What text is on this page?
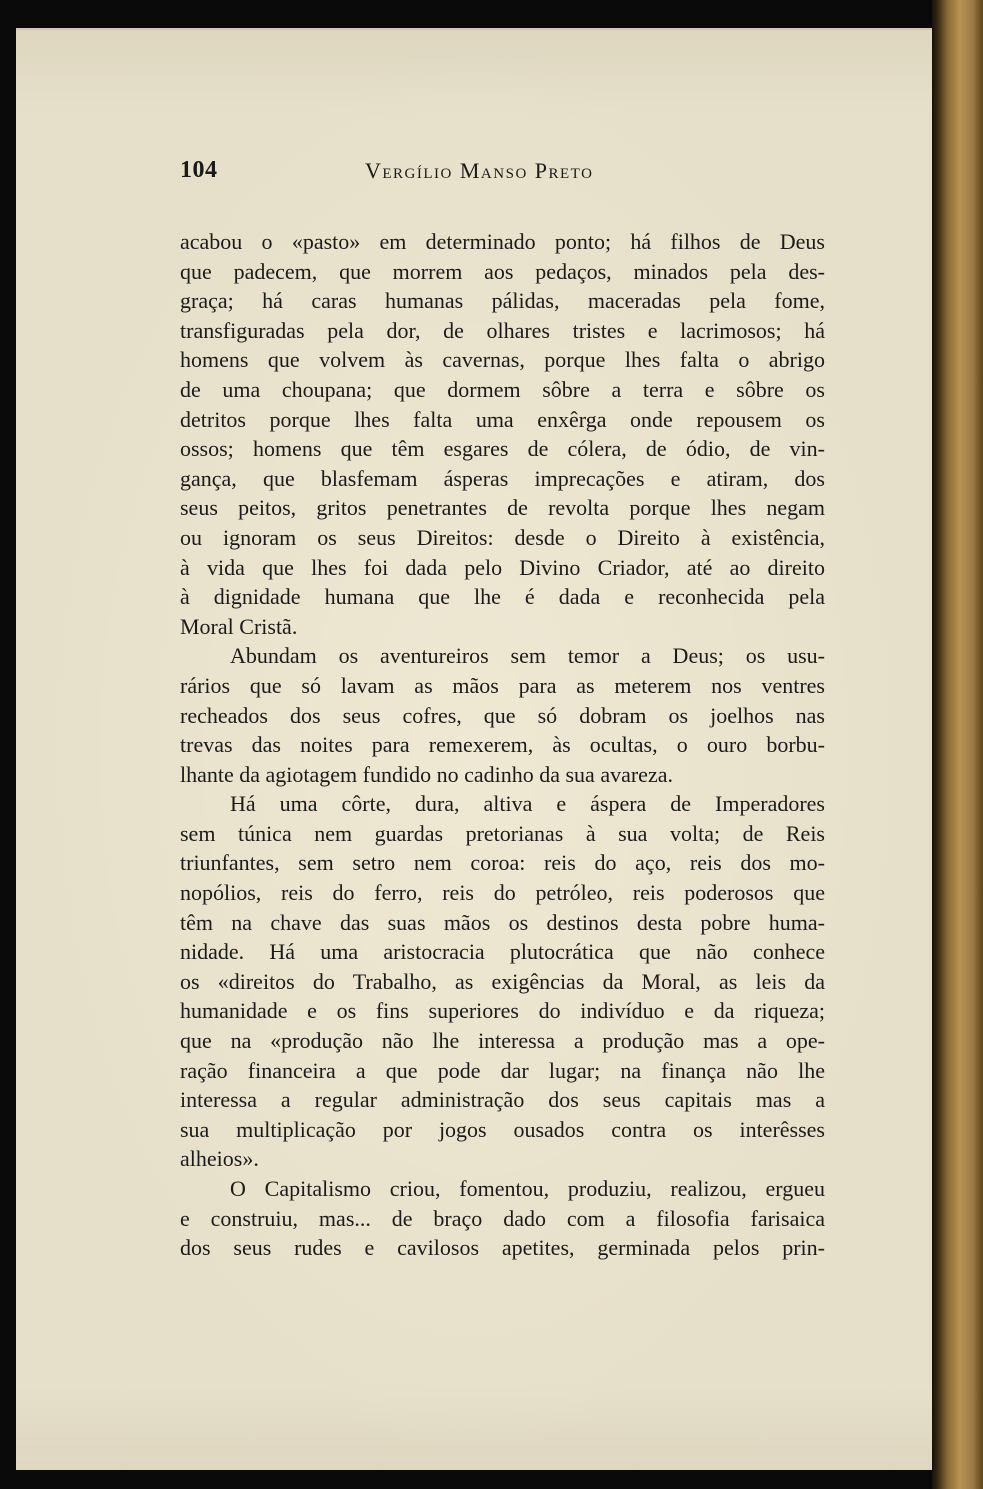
104	Vergílio Manso Preto
acabou o «pasto» em determinado ponto; há filhos de Deus
que padecem, que morrem aos pedaços, minados pela des-
graça; há caras humanas pálidas, maceradas pela fome,
transfiguradas pela dor, de olhares tristes e lacrimosos; há
homens que volvem às cavernas, porque lhes falta o abrigo
de uma choupana; que dormem sôbre a terra e sôbre os
detritos porque lhes falta uma enxêrga onde repousem os
ossos; homens que têm esgares de cólera, de ódio, de vin-
gança, que blasfemam ásperas imprecações e atiram, dos
seus peitos, gritos penetrantes de revolta porque lhes negam
ou ignoram os seus Direitos: desde o Direito à existência,
à vida que lhes foi dada pelo Divino Criador, até ao direito
à dignidade humana que lhe é dada e reconhecida pela
Moral Cristã.
Abundam os aventureiros sem temor a Deus; os usu-
rários que só lavam as mãos para as meterem nos ventres
recheados dos seus cofres, que só dobram os joelhos nas
trevas das noites para remexerem, às ocultas, o ouro borbu-
lhante da agiotagem fundido no cadinho da sua avareza.
Há uma côrte, dura, altiva e áspera de Imperadores
sem túnica nem guardas pretorianas à sua volta; de Reis
triunfantes, sem setro nem coroa: reis do aço, reis dos mo-
nopólios, reis do ferro, reis do petróleo, reis poderosos que
têm na chave das suas mãos os destinos desta pobre huma-
nidade. Há uma aristocracia plutocrática que não conhece
os «direitos do Trabalho, as exigências da Moral, as leis da
humanidade e os fins superiores do indivíduo e da riqueza;
que na «produção não lhe interessa a produção mas a ope-
ração financeira a que pode dar lugar; na finança não lhe
interessa a regular administração dos seus capitais mas a
sua multiplicação por jogos ousados contra os interêsses
alheios».
O Capitalismo criou, fomentou, produziu, realizou, ergueu
e construiu, mas... de braço dado com a filosofia farisaica
dos seus rudes e cavilosos apetites, germinada pelos prin-
